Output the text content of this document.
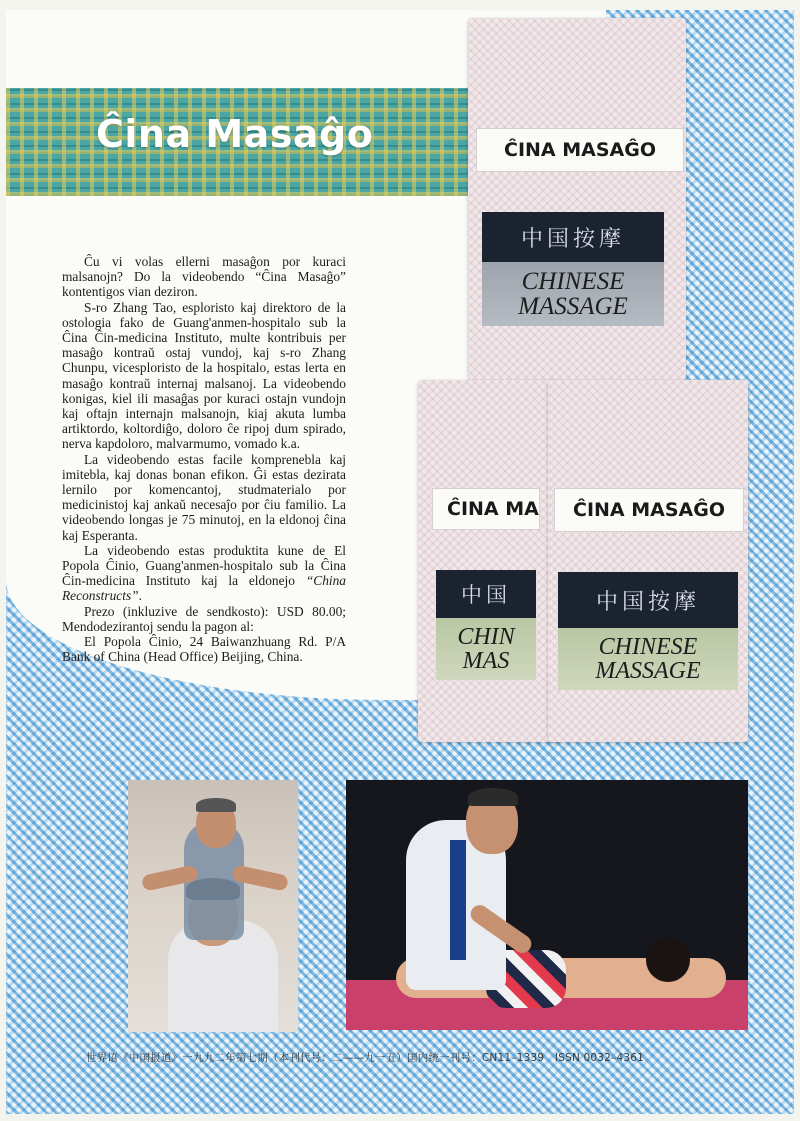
Ĉina Masaĝo	ĈINA MASAĜO
中国按摩
CHINESE
MASSAGE
ĈINA MA
中国
CHIN
MAS
ĈINA MASAĜO
中国按摩
CHINESE
MASSAGE

Ĉu vi volas ellerni masaĝon por kuraci malsanojn? Do la videobendo “Ĉina Masaĝo” kontentigos vian deziron.

S-ro Zhang Tao, esploristo kaj direktoro de la ostologia fako de Guang'anmen-hospitalo sub la Ĉina Ĉin-medicina Instituto, multe kontribuis per masaĝo kontraŭ ostaj vundoj, kaj s-ro Zhang Chunpu, vicesploristo de la hospitalo, estas lerta en masaĝo kontraŭ internaj malsanoj. La videobendo konigas, kiel ili masaĝas por kuraci ostajn vundojn kaj oftajn internajn malsanojn, kiaj akuta lumba artiktordo, koltordiĝo, doloro ĉe ripoj dum spirado, nerva kapdoloro, malvarmumo, vomado k.a.

La videobendo estas facile komprenebla kaj imitebla, kaj donas bonan efikon. Ĝi estas dezirata lernilo por komencantoj, studmaterialo por medicinistoj kaj ankaŭ necesaĵo por ĉiu familio. La videobendo longas je 75 minutoj, en la eldonoj ĉina kaj Esperanta.

La videobendo estas produktita kune de El Popola Ĉinio, Guang'anmen-hospitalo sub la Ĉina Ĉin-medicina Instituto kaj la eldonejo “China Reconstructs”.

Prezo (inkluzive de sendkosto): USD 80.00; Mendodezirantoj sendu la pagon al:

El Popola Ĉinio, 24 Baiwanzhuang Rd. P/A Bank of China (Head Office) Beijing, China.

世界语《中国报道》一九九二年第七期（本刊代号：二——九一五）国内统一刊号：CN11–1339　ISSN 0032–4361
